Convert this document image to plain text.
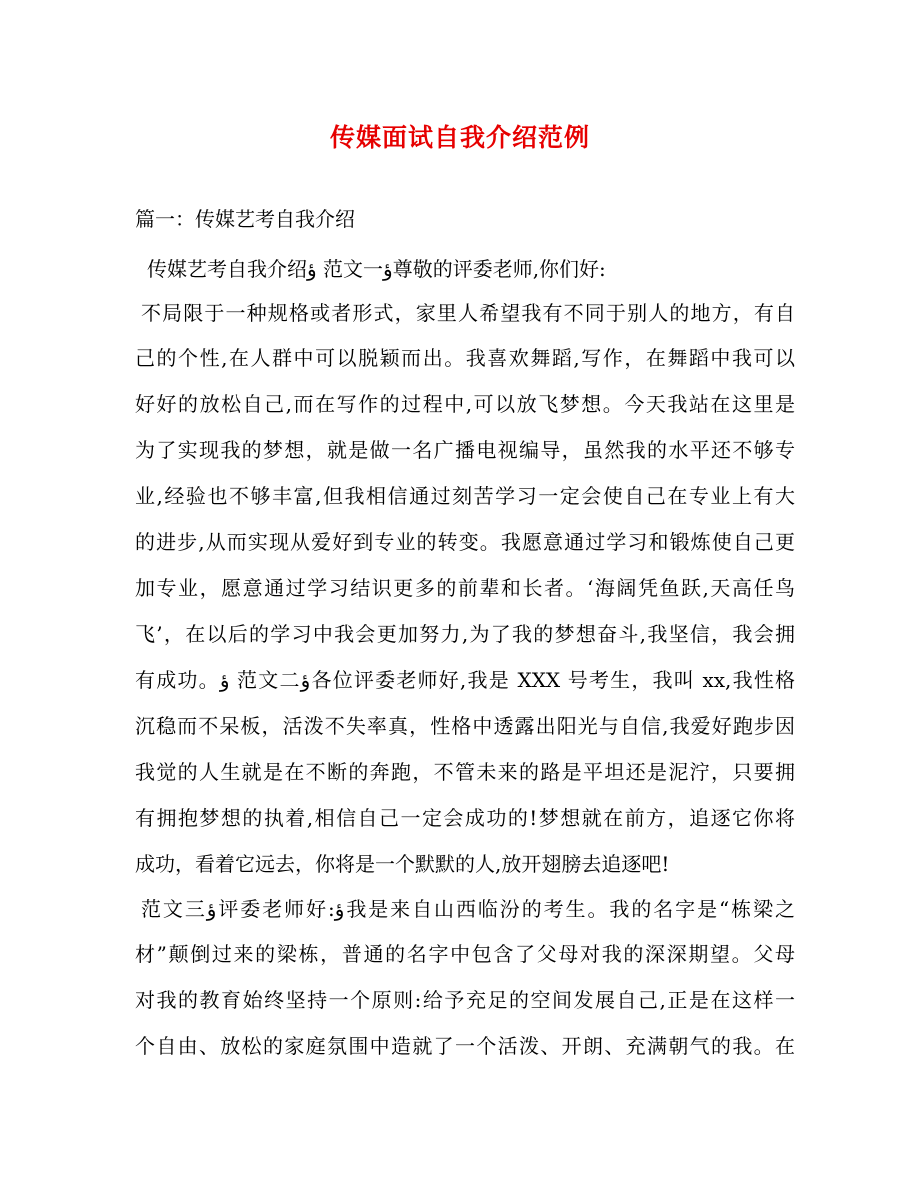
传媒面试自我介绍范例
篇一：传媒艺考自我介绍
传媒艺考自我介绍ؤ 范文一ؤ尊敬的评委老师,你们好:
不局限于一种规格或者形式，家里人希望我有不同于别人的地方，有自
己的个性,在人群中可以脱颖而出。我喜欢舞蹈,写作，在舞蹈中我可以
好好的放松自己,而在写作的过程中,可以放飞梦想。今天我站在这里是
为了实现我的梦想，就是做一名广播电视编导，虽然我的水平还不够专
业,经验也不够丰富,但我相信通过刻苦学习一定会使自己在专业上有大
的进步,从而实现从爱好到专业的转变。我愿意通过学习和锻炼使自己更
加专业，愿意通过学习结识更多的前辈和长者。‘海阔凭鱼跃,天高任鸟
飞’，在以后的学习中我会更加努力,为了我的梦想奋斗,我坚信，我会拥
有成功。ؤ 范文二ؤ各位评委老师好,我是 XXX 号考生，我叫 xx,我性格
沉稳而不呆板，活泼不失率真，性格中透露出阳光与自信,我爱好跑步因
我觉的人生就是在不断的奔跑，不管未来的路是平坦还是泥泞，只要拥
有拥抱梦想的执着,相信自己一定会成功的!梦想就在前方，追逐它你将
成功，看着它远去，你将是一个默默的人,放开翅膀去追逐吧!
范文三ؤ评委老师好:ؤ我是来自山西临汾的考生。我的名字是“栋梁之
材”颠倒过来的梁栋，普通的名字中包含了父母对我的深深期望。父母
对我的教育始终坚持一个原则:给予充足的空间发展自己,正是在这样一
个自由、放松的家庭氛围中造就了一个活泼、开朗、充满朝气的我。在
